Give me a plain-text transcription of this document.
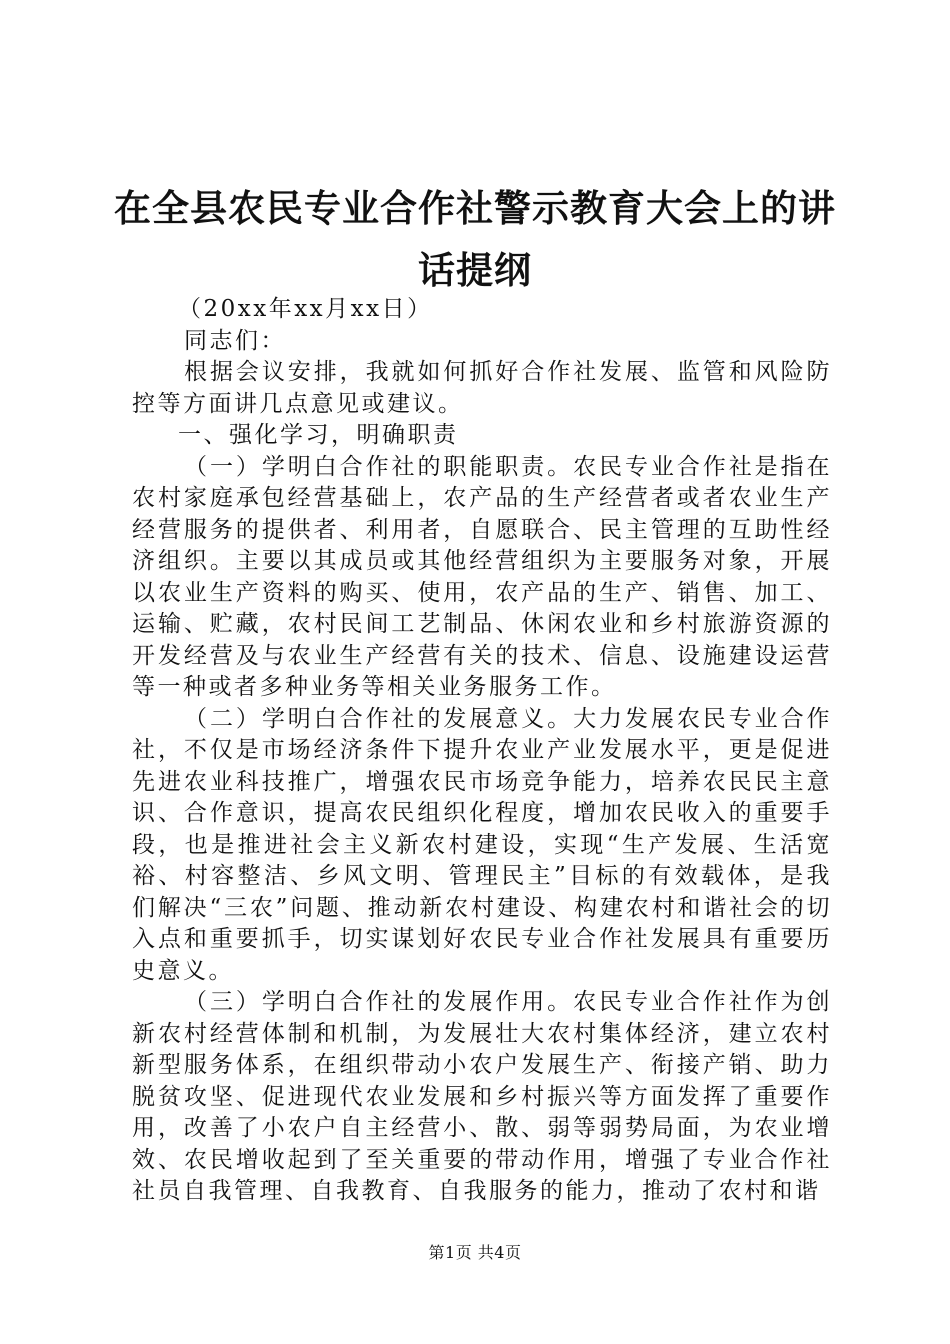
在全县农民专业合作社警示教育大会上的讲话提纲

（20xx年xx月xx日）

同志们：

根据会议安排，我就如何抓好合作社发展、监管和风险防控等方面讲几点意见或建议。

一、强化学习，明确职责

（一）学明白合作社的职能职责。农民专业合作社是指在农村家庭承包经营基础上，农产品的生产经营者或者农业生产经营服务的提供者、利用者，自愿联合、民主管理的互助性经济组织。主要以其成员或其他经营组织为主要服务对象，开展以农业生产资料的购买、使用，农产品的生产、销售、加工、运输、贮藏，农村民间工艺制品、休闲农业和乡村旅游资源的开发经营及与农业生产经营有关的技术、信息、设施建设运营等一种或者多种业务等相关业务服务工作。

（二）学明白合作社的发展意义。大力发展农民专业合作社，不仅是市场经济条件下提升农业产业发展水平，更是促进先进农业科技推广，增强农民市场竞争能力，培养农民民主意识、合作意识，提高农民组织化程度，增加农民收入的重要手段，也是推进社会主义新农村建设，实现“生产发展、生活宽裕、村容整洁、乡风文明、管理民主”目标的有效载体，是我们解决“三农”问题、推动新农村建设、构建农村和谐社会的切入点和重要抓手，切实谋划好农民专业合作社发展具有重要历史意义。

（三）学明白合作社的发展作用。农民专业合作社作为创新农村经营体制和机制，为发展壮大农村集体经济，建立农村新型服务体系，在组织带动小农户发展生产、衔接产销、助力脱贫攻坚、促进现代农业发展和乡村振兴等方面发挥了重要作用，改善了小农户自主经营小、散、弱等弱势局面，为农业增效、农民增收起到了至关重要的带动作用，增强了专业合作社社员自我管理、自我教育、自我服务的能力，推动了农村和谐

第1页 共4页
